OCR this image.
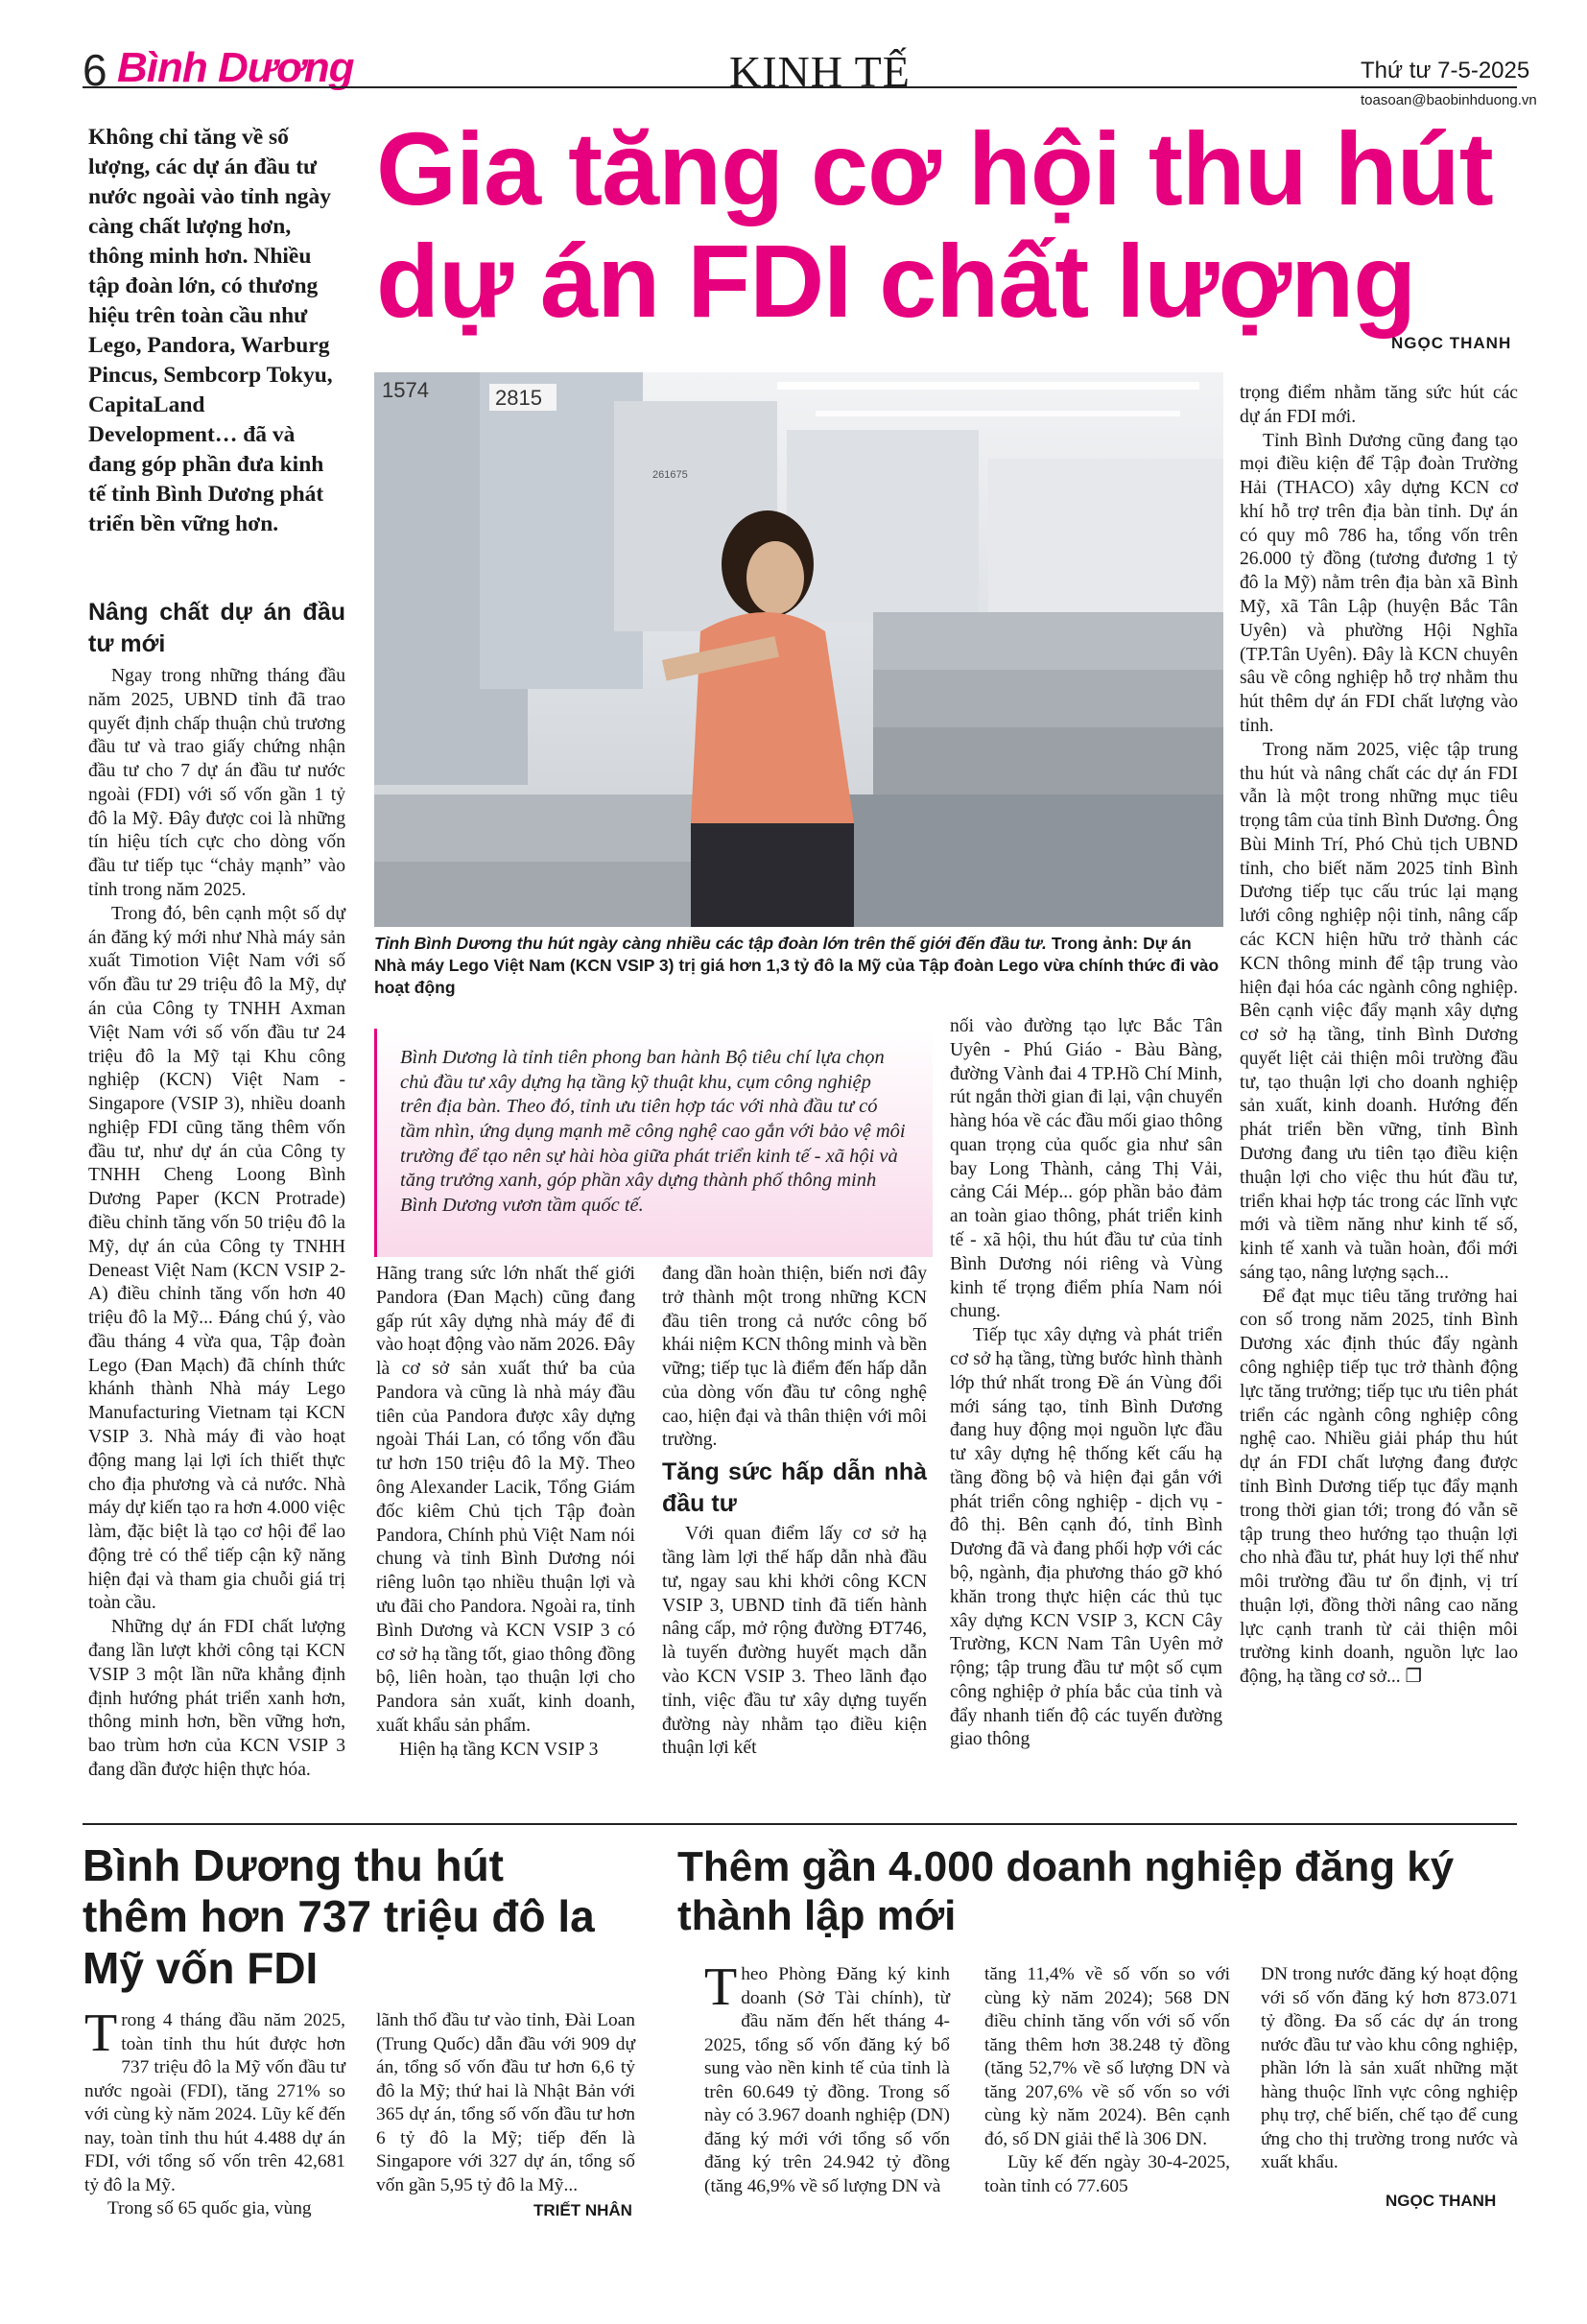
6 Bình Dương	KINH TẾ	Thứ tư 7-5-2025
toasoan@baobinhduong.vn
Không chỉ tăng về số lượng, các dự án đầu tư nước ngoài vào tỉnh ngày càng chất lượng hơn, thông minh hơn. Nhiều tập đoàn lớn, có thương hiệu trên toàn cầu như Lego, Pandora, Warburg Pincus, Sembcorp Tokyu, CapitaLand Development… đã và đang góp phần đưa kinh tế tỉnh Bình Dương phát triển bền vững hơn.
Gia tăng cơ hội thu hút
dự án FDI chất lượng
NGỌC THANH
Nâng chất dự án đầu tư mới

Ngay trong những tháng đầu năm 2025, UBND tỉnh đã trao quyết định chấp thuận chủ trương đầu tư và trao giấy chứng nhận đầu tư cho 7 dự án đầu tư nước ngoài (FDI) với số vốn gần 1 tỷ đô la Mỹ. Đây được coi là những tín hiệu tích cực cho dòng vốn đầu tư tiếp tục “chảy mạnh” vào tỉnh trong năm 2025.

Trong đó, bên cạnh một số dự án đăng ký mới như Nhà máy sản xuất Timotion Việt Nam với số vốn đầu tư 29 triệu đô la Mỹ, dự án của Công ty TNHH Axman Việt Nam với số vốn đầu tư 24 triệu đô la Mỹ tại Khu công nghiệp (KCN) Việt Nam - Singapore (VSIP 3), nhiều doanh nghiệp FDI cũng tăng thêm vốn đầu tư, như dự án của Công ty TNHH Cheng Loong Bình Dương Paper (KCN Protrade) điều chỉnh tăng vốn 50 triệu đô la Mỹ, dự án của Công ty TNHH Deneast Việt Nam (KCN VSIP 2-A) điều chỉnh tăng vốn hơn 40 triệu đô la Mỹ... Đáng chú ý, vào đầu tháng 4 vừa qua, Tập đoàn Lego (Đan Mạch) đã chính thức khánh thành Nhà máy Lego Manufacturing Vietnam tại KCN VSIP 3. Nhà máy đi vào hoạt động mang lại lợi ích thiết thực cho địa phương và cả nước. Nhà máy dự kiến tạo ra hơn 4.000 việc làm, đặc biệt là tạo cơ hội để lao động trẻ có thể tiếp cận kỹ năng hiện đại và tham gia chuỗi giá trị toàn cầu.

Những dự án FDI chất lượng đang lần lượt khởi công tại KCN VSIP 3 một lần nữa khẳng định định hướng phát triển xanh hơn, thông minh hơn, bền vững hơn, bao trùm hơn của KCN VSIP 3 đang dần được hiện thực hóa.

1574	2815
261675
Tỉnh Bình Dương thu hút ngày càng nhiều các tập đoàn lớn trên thế giới đến đầu tư. Trong ảnh: Dự án Nhà máy Lego Việt Nam (KCN VSIP 3) trị giá hơn 1,3 tỷ đô la Mỹ của Tập đoàn Lego vừa chính thức đi vào hoạt động
Bình Dương là tỉnh tiên phong ban hành Bộ tiêu chí lựa chọn chủ đầu tư xây dựng hạ tầng kỹ thuật khu, cụm công nghiệp trên địa bàn. Theo đó, tỉnh ưu tiên hợp tác với nhà đầu tư có tầm nhìn, ứng dụng mạnh mẽ công nghệ cao gắn với bảo vệ môi trường để tạo nên sự hài hòa giữa phát triển kinh tế - xã hội và tăng trưởng xanh, góp phần xây dựng thành phố thông minh Bình Dương vươn tầm quốc tế.

Hãng trang sức lớn nhất thế giới Pandora (Đan Mạch) cũng đang gấp rút xây dựng nhà máy để đi vào hoạt động vào năm 2026. Đây là cơ sở sản xuất thứ ba của Pandora và cũng là nhà máy đầu tiên của Pandora được xây dựng ngoài Thái Lan, có tổng vốn đầu tư hơn 150 triệu đô la Mỹ. Theo ông Alexander Lacik, Tổng Giám đốc kiêm Chủ tịch Tập đoàn Pandora, Chính phủ Việt Nam nói chung và tỉnh Bình Dương nói riêng luôn tạo nhiều thuận lợi và ưu đãi cho Pandora. Ngoài ra, tỉnh Bình Dương và KCN VSIP 3 có cơ sở hạ tầng tốt, giao thông đồng bộ, liên hoàn, tạo thuận lợi cho Pandora sản xuất, kinh doanh, xuất khẩu sản phẩm.

Hiện hạ tầng KCN VSIP 3

đang dần hoàn thiện, biến nơi đây trở thành một trong những KCN đầu tiên trong cả nước công bố khái niệm KCN thông minh và bền vững; tiếp tục là điểm đến hấp dẫn của dòng vốn đầu tư công nghệ cao, hiện đại và thân thiện với môi trường.

Tăng sức hấp dẫn nhà đầu tư

Với quan điểm lấy cơ sở hạ tầng làm lợi thế hấp dẫn nhà đầu tư, ngay sau khi khởi công KCN VSIP 3, UBND tỉnh đã tiến hành nâng cấp, mở rộng đường ĐT746, là tuyến đường huyết mạch dẫn vào KCN VSIP 3. Theo lãnh đạo tỉnh, việc đầu tư xây dựng tuyến đường này nhằm tạo điều kiện thuận lợi kết

nối vào đường tạo lực Bắc Tân Uyên - Phú Giáo - Bàu Bàng, đường Vành đai 4 TP.Hồ Chí Minh, rút ngắn thời gian đi lại, vận chuyển hàng hóa về các đầu mối giao thông quan trọng của quốc gia như sân bay Long Thành, cảng Thị Vải, cảng Cái Mép... góp phần bảo đảm an toàn giao thông, phát triển kinh tế - xã hội, thu hút đầu tư của tỉnh Bình Dương nói riêng và Vùng kinh tế trọng điểm phía Nam nói chung.

Tiếp tục xây dựng và phát triển cơ sở hạ tầng, từng bước hình thành lớp thứ nhất trong Đề án Vùng đổi mới sáng tạo, tỉnh Bình Dương đang huy động mọi nguồn lực đầu tư xây dựng hệ thống kết cấu hạ tầng đồng bộ và hiện đại gắn với phát triển công nghiệp - dịch vụ - đô thị. Bên cạnh đó, tỉnh Bình Dương đã và đang phối hợp với các bộ, ngành, địa phương tháo gỡ khó khăn trong thực hiện các thủ tục xây dựng KCN VSIP 3, KCN Cây Trường, KCN Nam Tân Uyên mở rộng; tập trung đầu tư một số cụm công nghiệp ở phía bắc của tỉnh và đẩy nhanh tiến độ các tuyến đường giao thông

trọng điểm nhằm tăng sức hút các dự án FDI mới.

Tỉnh Bình Dương cũng đang tạo mọi điều kiện để Tập đoàn Trường Hải (THACO) xây dựng KCN cơ khí hỗ trợ trên địa bàn tỉnh. Dự án có quy mô 786 ha, tổng vốn trên 26.000 tỷ đồng (tương đương 1 tỷ đô la Mỹ) nằm trên địa bàn xã Bình Mỹ, xã Tân Lập (huyện Bắc Tân Uyên) và phường Hội Nghĩa (TP.Tân Uyên). Đây là KCN chuyên sâu về công nghiệp hỗ trợ nhằm thu hút thêm dự án FDI chất lượng vào tỉnh.

Trong năm 2025, việc tập trung thu hút và nâng chất các dự án FDI vẫn là một trong những mục tiêu trọng tâm của tỉnh Bình Dương. Ông Bùi Minh Trí, Phó Chủ tịch UBND tỉnh, cho biết năm 2025 tỉnh Bình Dương tiếp tục cấu trúc lại mạng lưới công nghiệp nội tỉnh, nâng cấp các KCN hiện hữu trở thành các KCN thông minh để tập trung vào hiện đại hóa các ngành công nghiệp. Bên cạnh việc đẩy mạnh xây dựng cơ sở hạ tầng, tỉnh Bình Dương quyết liệt cải thiện môi trường đầu tư, tạo thuận lợi cho doanh nghiệp sản xuất, kinh doanh. Hướng đến phát triển bền vững, tỉnh Bình Dương đang ưu tiên tạo điều kiện thuận lợi cho việc thu hút đầu tư, triển khai hợp tác trong các lĩnh vực mới và tiềm năng như kinh tế số, kinh tế xanh và tuần hoàn, đổi mới sáng tạo, nâng lượng sạch...

Để đạt mục tiêu tăng trưởng hai con số trong năm 2025, tỉnh Bình Dương xác định thúc đẩy ngành công nghiệp tiếp tục trở thành động lực tăng trưởng; tiếp tục ưu tiên phát triển các ngành công nghiệp công nghệ cao. Nhiều giải pháp thu hút dự án FDI chất lượng đang được tỉnh Bình Dương tiếp tục đẩy mạnh trong thời gian tới; trong đó vẫn sẽ tập trung theo hướng tạo thuận lợi cho nhà đầu tư, phát huy lợi thế như môi trường đầu tư ổn định, vị trí thuận lợi, đồng thời nâng cao năng lực cạnh tranh từ cải thiện môi trường kinh doanh, nguồn lực lao động, hạ tầng cơ sở... ❐

Bình Dương thu hút thêm hơn 737 triệu đô la Mỹ vốn FDI

Trong 4 tháng đầu năm 2025, toàn tỉnh thu hút được hơn 737 triệu đô la Mỹ vốn đầu tư nước ngoài (FDI), tăng 271% so với cùng kỳ năm 2024. Lũy kế đến nay, toàn tỉnh thu hút 4.488 dự án FDI, với tổng số vốn trên 42,681 tỷ đô la Mỹ.

Trong số 65 quốc gia, vùng

lãnh thổ đầu tư vào tỉnh, Đài Loan (Trung Quốc) dẫn đầu với 909 dự án, tổng số vốn đầu tư hơn 6,6 tỷ đô la Mỹ; thứ hai là Nhật Bản với 365 dự án, tổng số vốn đầu tư hơn 6 tỷ đô la Mỹ; tiếp đến là Singapore với 327 dự án, tổng số vốn gần 5,95 tỷ đô la Mỹ...

TRIẾT NHÂN
Thêm gần 4.000 doanh nghiệp đăng ký thành lập mới

Theo Phòng Đăng ký kinh doanh (Sở Tài chính), từ đầu năm đến hết tháng 4-2025, tổng số vốn đăng ký bổ sung vào nền kinh tế của tỉnh là trên 60.649 tỷ đồng. Trong số này có 3.967 doanh nghiệp (DN) đăng ký mới với tổng số vốn đăng ký trên 24.942 tỷ đồng (tăng 46,9% về số lượng DN và

tăng 11,4% về số vốn so với cùng kỳ năm 2024); 568 DN điều chỉnh tăng vốn với số vốn tăng thêm hơn 38.248 tỷ đồng (tăng 52,7% về số lượng DN và tăng 207,6% về số vốn so với cùng kỳ năm 2024). Bên cạnh đó, số DN giải thể là 306 DN.

Lũy kế đến ngày 30-4-2025, toàn tỉnh có 77.605

DN trong nước đăng ký hoạt động với số vốn đăng ký hơn 873.071 tỷ đồng. Đa số các dự án trong nước đầu tư vào khu công nghiệp, phần lớn là sản xuất những mặt hàng thuộc lĩnh vực công nghiệp phụ trợ, chế biến, chế tạo để cung ứng cho thị trường trong nước và xuất khẩu.

NGỌC THANH
